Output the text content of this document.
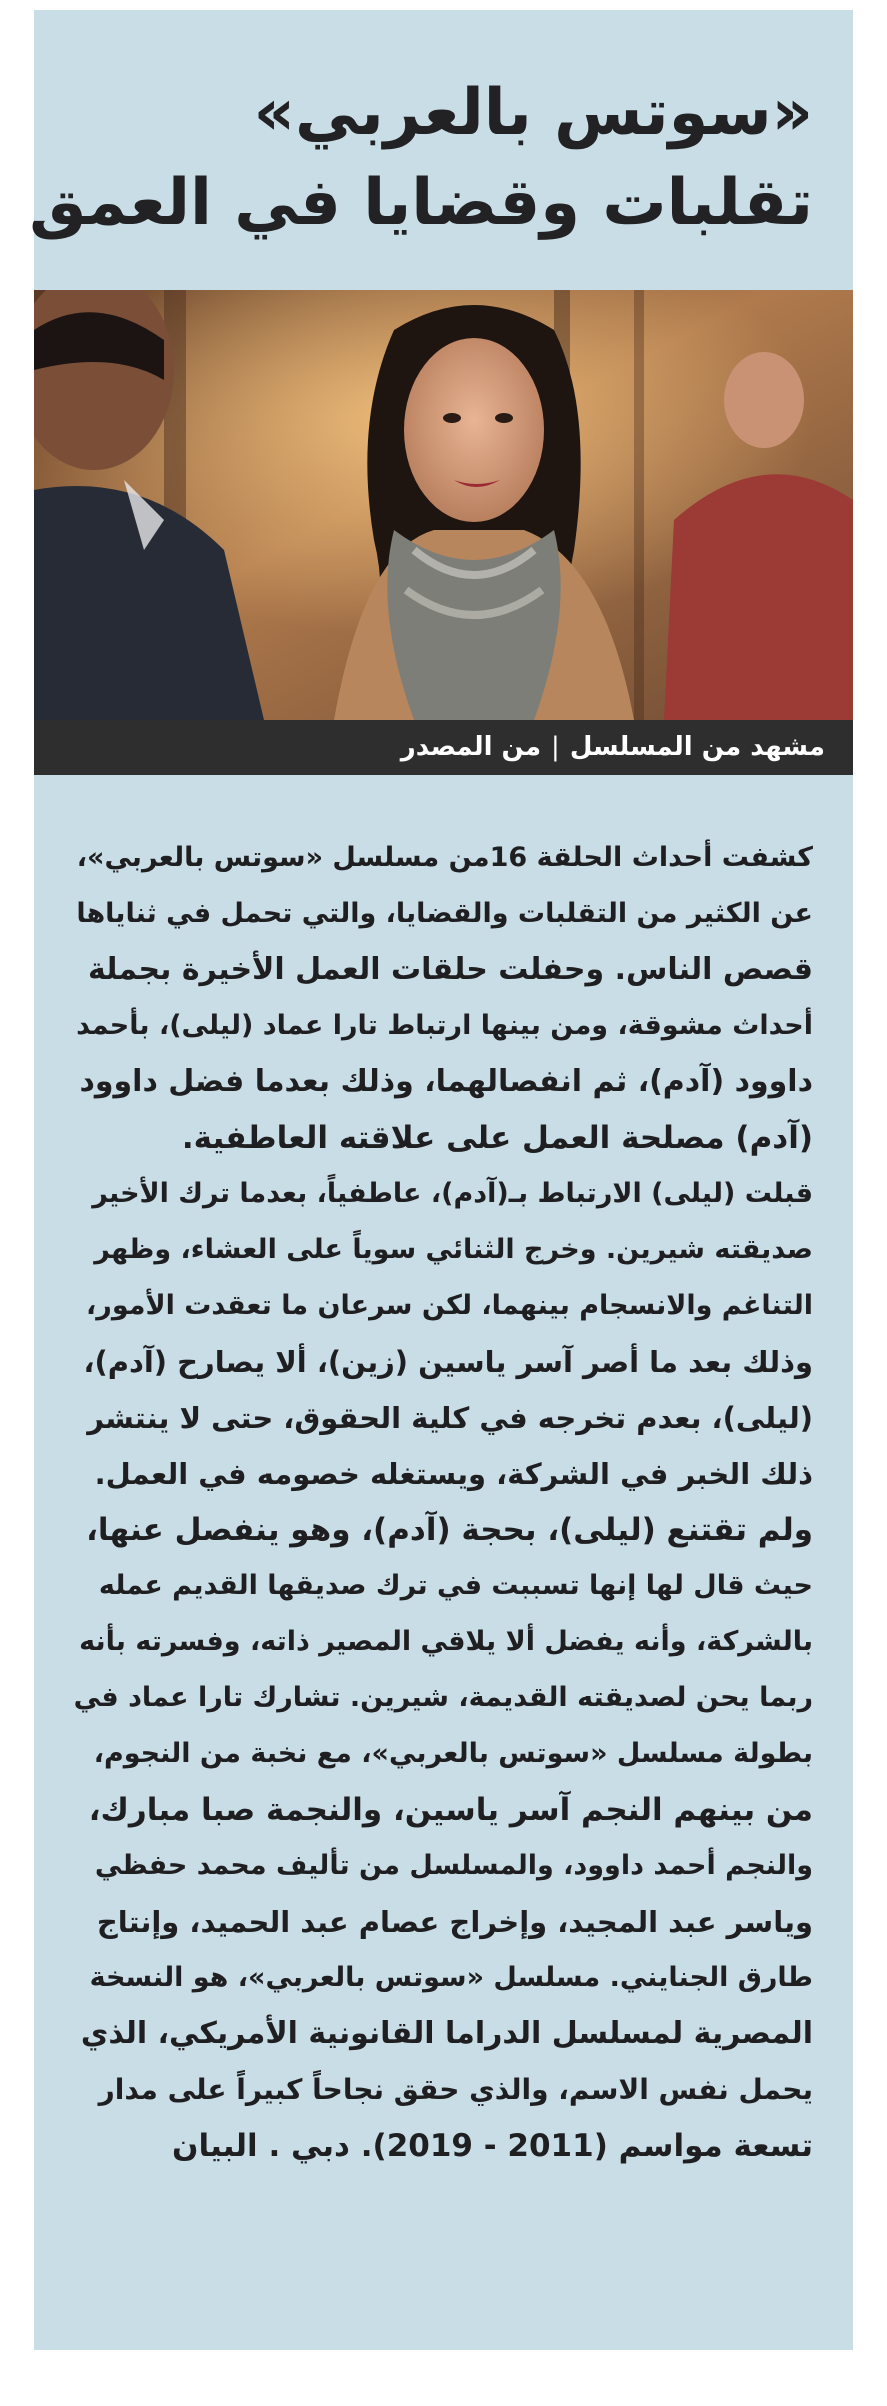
«سوتس بالعربي»
تقلبات وقضايا في العمق
مشهد من المسلسل|من المصدر
كشفت أحداث الحلقة 16من مسلسل «سوتس بالعربي»،
عن الكثير من التقلبات والقضايا، والتي تحمل في ثناياها
قصص الناس. وحفلت حلقات العمل الأخيرة بجملة
أحداث مشوقة، ومن بينها ارتباط تارا عماد (ليلى)، بأحمد
داوود (آدم)، ثم انفصالهما، وذلك بعدما فضل داوود
(آدم) مصلحة العمل على علاقته العاطفية.
قبلت (ليلى) الارتباط بـ(آدم)، عاطفياً، بعدما ترك الأخير
صديقته شيرين. وخرج الثنائي سوياً على العشاء، وظهر
التناغم والانسجام بينهما، لكن سرعان ما تعقدت الأمور،
وذلك بعد ما أصر آسر ياسين (زين)، ألا يصارح (آدم)،
(ليلى)، بعدم تخرجه في كلية الحقوق، حتى لا ينتشر
ذلك الخبر في الشركة، ويستغله خصومه في العمل.
ولم تقتنع (ليلى)، بحجة (آدم)، وهو ينفصل عنها،
حيث قال لها إنها تسببت في ترك صديقها القديم عمله
بالشركة، وأنه يفضل ألا يلاقي المصير ذاته، وفسرته بأنه
ربما يحن لصديقته القديمة، شيرين. تشارك تارا عماد في
بطولة مسلسل «سوتس بالعربي»، مع نخبة من النجوم،
من بينهم النجم آسر ياسين، والنجمة صبا مبارك،
والنجم أحمد داوود، والمسلسل من تأليف محمد حفظي
وياسر عبد المجيد، وإخراج عصام عبد الحميد، وإنتاج
طارق الجنايني. مسلسل «سوتس بالعربي»، هو النسخة
المصرية لمسلسل الدراما القانونية الأمريكي، الذي
يحمل نفس الاسم، والذي حقق نجاحاً كبيراً على مدار
تسعة مواسم (2011 - 2019). دبي . البيان
